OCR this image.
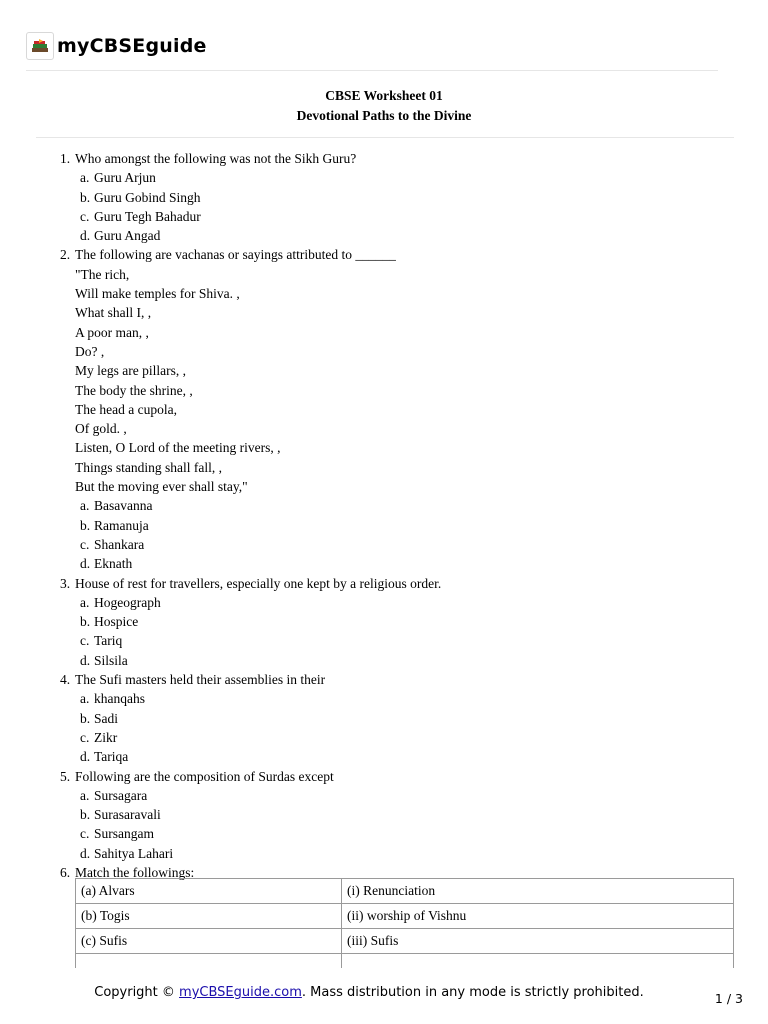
myCBSEguide
CBSE Worksheet 01
Devotional Paths to the Divine
1. Who amongst the following was not the Sikh Guru?
a. Guru Arjun
b. Guru Gobind Singh
c. Guru Tegh Bahadur
d. Guru Angad
2. The following are vachanas or sayings attributed to ______
"The rich,
Will make temples for Shiva. ,
What shall I, ,
A poor man, ,
Do? ,
My legs are pillars, ,
The body the shrine, ,
The head a cupola,
Of gold. ,
Listen, O Lord of the meeting rivers, ,
Things standing shall fall, ,
But the moving ever shall stay,"
a. Basavanna
b. Ramanuja
c. Shankara
d. Eknath
3. House of rest for travellers, especially one kept by a religious order.
a. Hogeograph
b. Hospice
c. Tariq
d. Silsila
4. The Sufi masters held their assemblies in their
a. khanqahs
b. Sadi
c. Zikr
d. Tariqa
5. Following are the composition of Surdas except
a. Sursagara
b. Surasaravali
c. Sursangam
d. Sahitya Lahari
6. Match the followings:
(a) Alvars	(i) Renunciation
(b) Togis	(ii) worship of Vishnu
(c) Sufis	(iii) Sufis

Copyright © myCBSEguide.com. Mass distribution in any mode is strictly prohibited.	1 / 3
